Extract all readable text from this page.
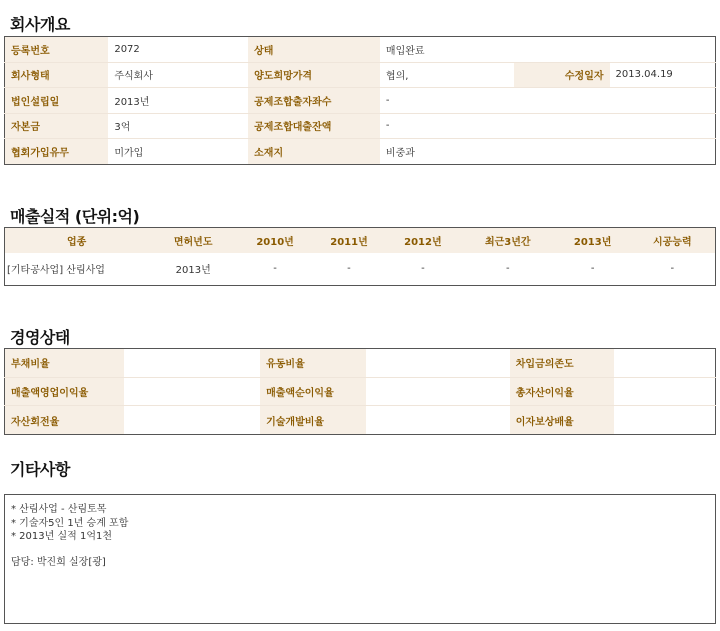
회사개요
등록번호	2072	상태	매입완료		
회사형태	주식회사	양도희망가격	협의,	수정일자	2013.04.19
법인설립일	2013년	공제조합출자좌수	-		
자본금	3억	공제조합대출잔액	-		
협회가입유무	미가입	소재지	비중과		
매출실적 (단위:억)
업종	면허년도	2010년	2011년	2012년	최근3년간	2013년	시공능력
[기타공사업] 산림사업	2013년	-	-	-	-	-	-
경영상태
부채비율		유동비율		차입금의존도	
매출액영업이익율		매출액순이익율		총자산이익율	
자산회전율		기술개발비율		이자보상배율	
기타사항
* 산림사업 - 산림토목
* 기술자5인 1년 승계 포함
* 2013년 실적 1억1천
담당: 박진희 실장[광]
